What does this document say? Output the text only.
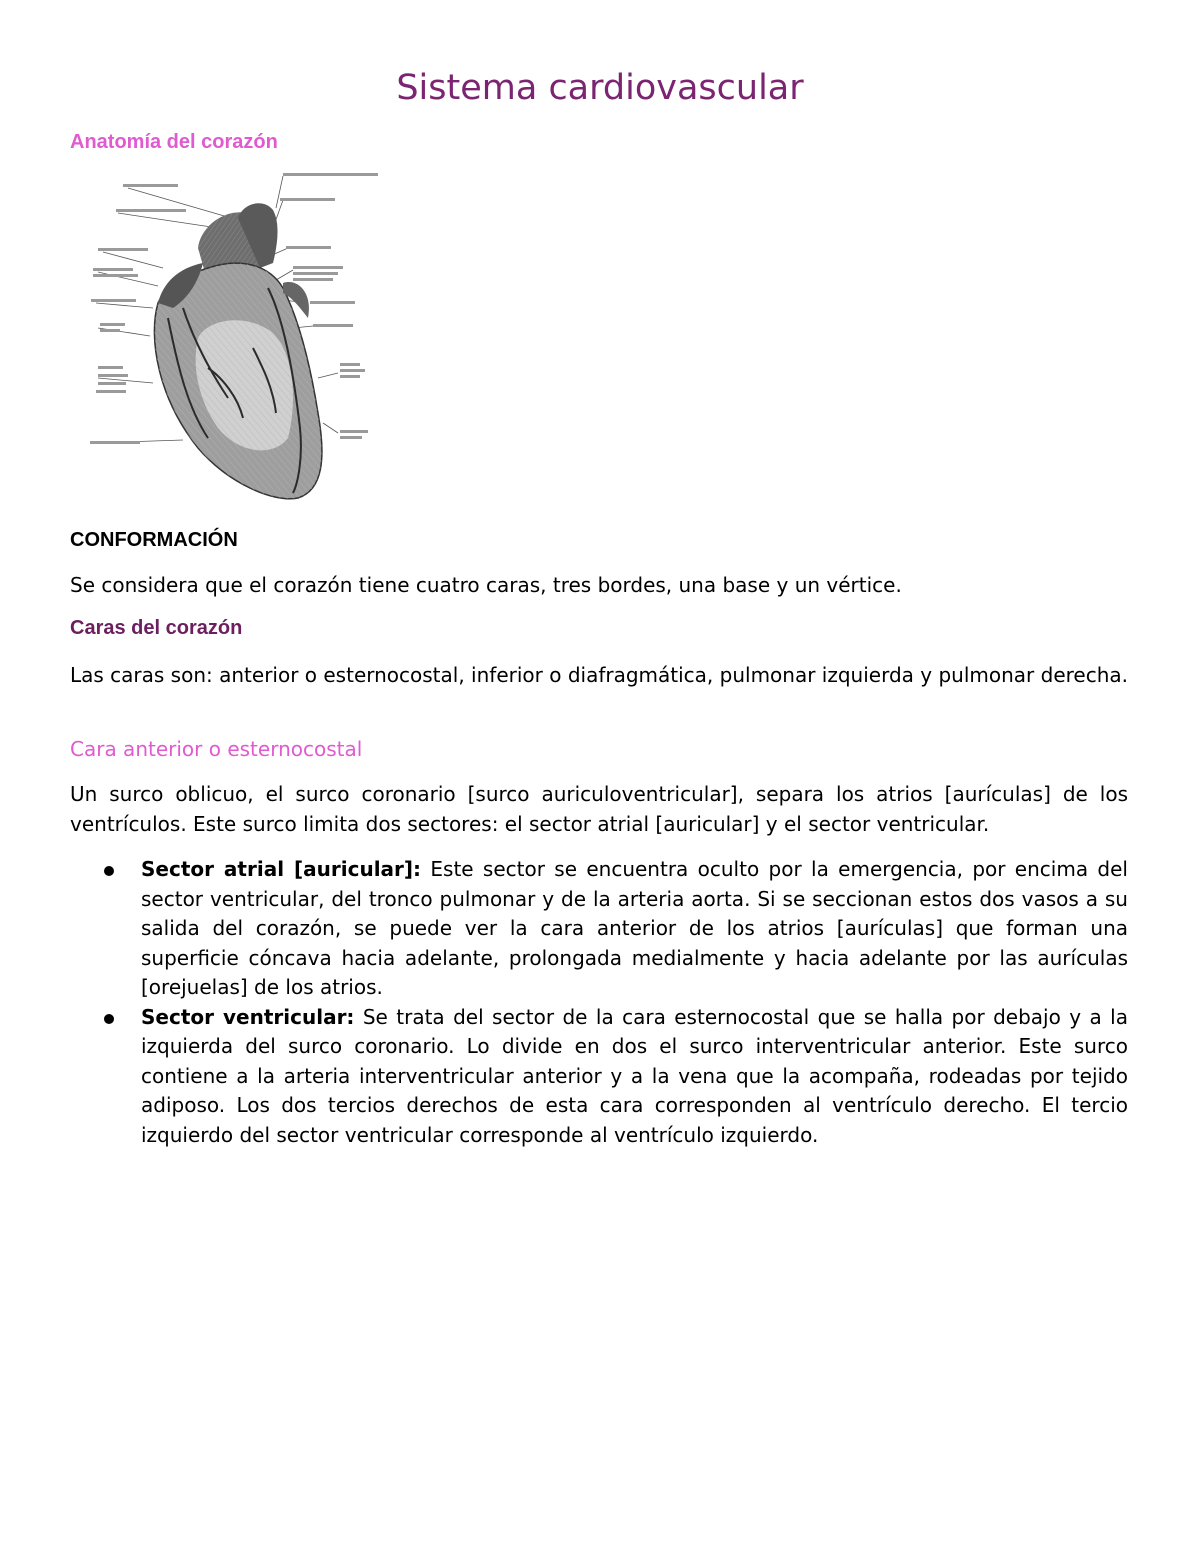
Sistema cardiovascular
Anatomía del corazón
CONFORMACIÓN

Se considera que el corazón tiene cuatro caras, tres bordes, una base y un vértice.

Caras del corazón

Las caras son: anterior o esternocostal, inferior o diafragmática, pulmonar izquierda y pulmonar derecha.

Cara anterior o esternocostal

Un surco oblicuo, el surco coronario [surco auriculoventricular], separa los atrios [aurículas] de los ventrículos. Este surco limita dos sectores: el sector atrial [auricular] y el sector ventricular.

Sector atrial [auricular]: Este sector se encuentra oculto por la emergencia, por encima del sector ventricular, del tronco pulmonar y de la arteria aorta. Si se seccionan estos dos vasos a su salida del corazón, se puede ver la cara anterior de los atrios [aurículas] que forman una superficie cóncava hacia adelante, prolongada medialmente y hacia adelante por las aurículas [orejuelas] de los atrios.
Sector ventricular: Se trata del sector de la cara esternocostal que se halla por debajo y a la izquierda del surco coronario. Lo divide en dos el surco interventricular anterior. Este surco contiene a la arteria interventricular anterior y a la vena que la acompaña, rodeadas por tejido adiposo. Los dos tercios derechos de esta cara corresponden al ventrículo derecho. El tercio izquierdo del sector ventricular corresponde al ventrículo izquierdo.
